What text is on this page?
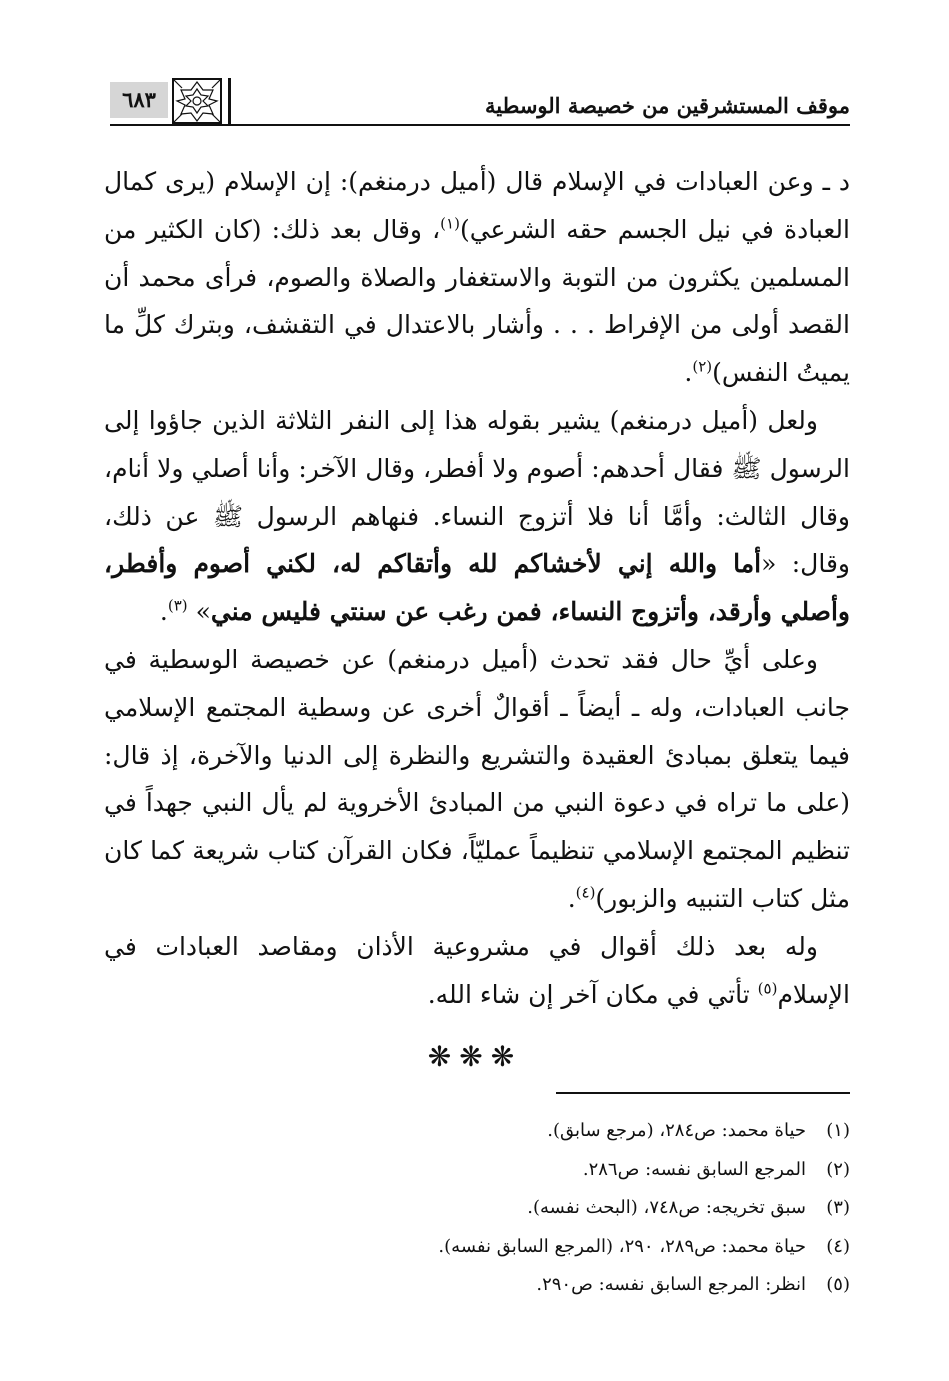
٦٨٣	موقف المستشرقين من خصيصة الوسطية

د ـ وعن العبادات في الإسلام قال (أميل درمنغم): إن الإسلام (يرى كمال العبادة في نيل الجسم حقه الشرعي)$^{(١)}$، وقال بعد ذلك: (كان الكثير من المسلمين يكثرون من التوبة والاستغفار والصلاة والصوم، فرأى محمد أن القصد أولى من الإفراط . . . وأشار بالاعتدال في التقشف، وبترك كلِّ ما يميتُ النفس)$^{(٢)}$.

ولعل (أميل درمنغم) يشير بقوله هذا إلى النفر الثلاثة الذين جاؤوا إلى الرسول ﷺ فقال أحدهم: أصوم ولا أفطر، وقال الآخر: وأنا أصلي ولا أنام، وقال الثالث: وأمَّا أنا فلا أتزوج النساء. فنهاهم الرسول ﷺ عن ذلك، وقال: «أما والله إني لأخشاكم لله وأتقاكم له، لكني أصوم وأفطر، وأصلي وأرقد، وأتزوج النساء، فمن رغب عن سنتي فليس مني» $^{(٣)}$.

وعلى أيِّ حال فقد تحدث (أميل درمنغم) عن خصيصة الوسطية في جانب العبادات، وله ـ أيضاً ـ أقوالٌ أخرى عن وسطية المجتمع الإسلامي فيما يتعلق بمبادئ العقيدة والتشريع والنظرة إلى الدنيا والآخرة، إذ قال: (على ما تراه في دعوة النبي من المبادئ الأخروية لم يأل النبي جهداً في تنظيم المجتمع الإسلامي تنظيماً عمليّاً، فكان القرآن كتاب شريعة كما كان مثل كتاب التنبيه والزبور)$^{(٤)}$.

وله بعد ذلك أقوال في مشروعية الأذان ومقاصد العبادات في الإسلام$^{(٥)}$ تأتي في مكان آخر إن شاء الله.

❋❋❋
(١)
حياة محمد: ص٢٨٤، (مرجع سابق).
(٢)
المرجع السابق نفسه: ص٢٨٦.
(٣)
سبق تخريجه: ص٧٤٨، (البحث نفسه).
(٤)
حياة محمد: ص٢٨٩، ٢٩٠، (المرجع السابق نفسه).
(٥)
انظر: المرجع السابق نفسه: ص٢٩٠.
